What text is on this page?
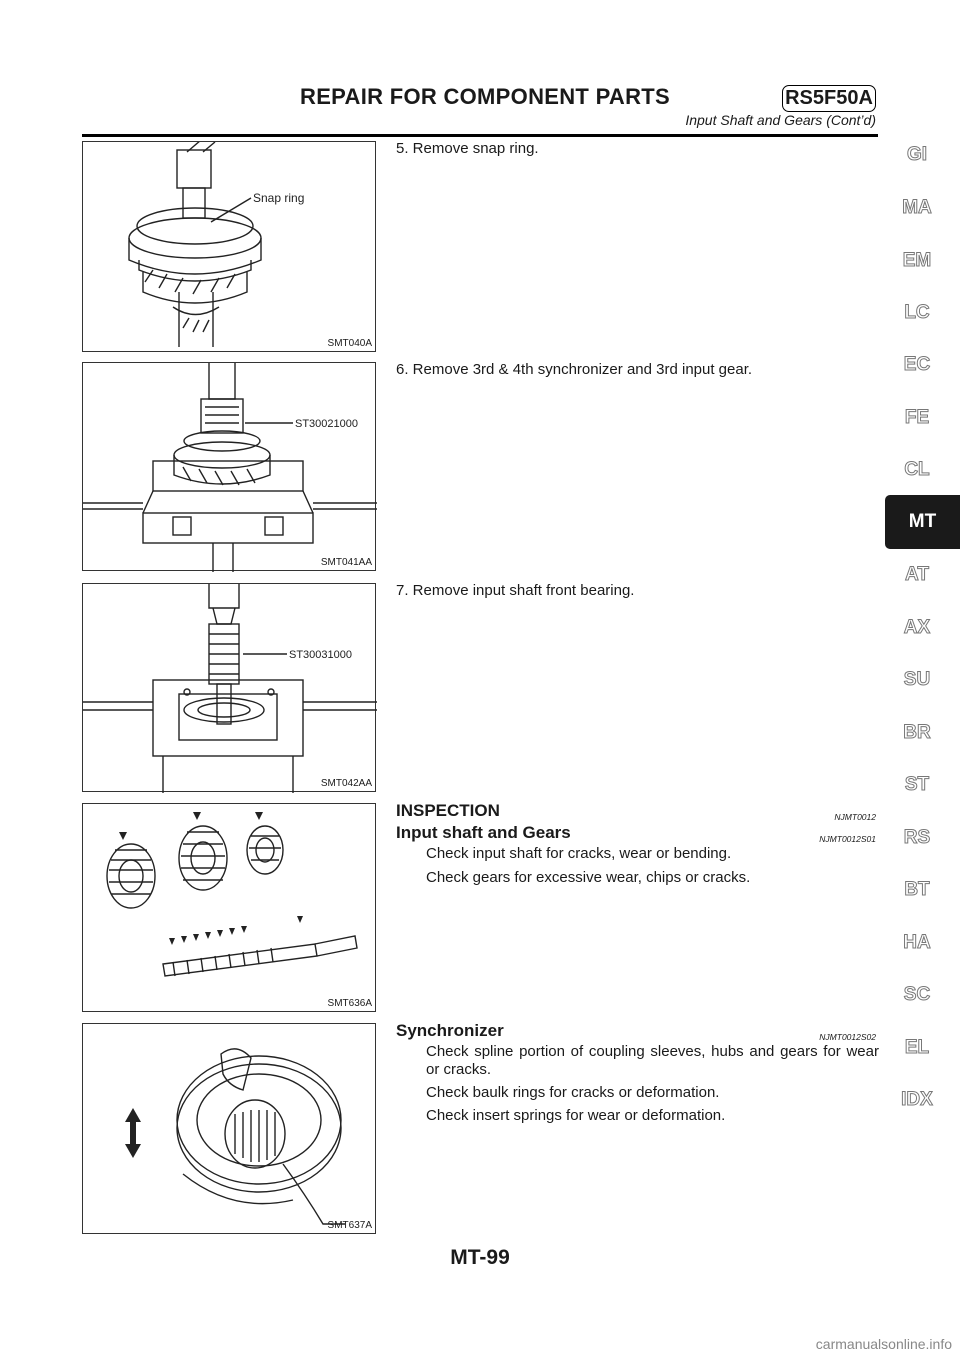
REPAIR FOR COMPONENT PARTS	RS5F50A
Input Shaft and Gears (Cont’d)
Snap ring
SMT040A
ST30021000
SMT041AA
ST30031000
SMT042AA
SMT636A
SMT637A
5. Remove snap ring.
6. Remove 3rd & 4th synchronizer and 3rd input gear.
7. Remove input shaft front bearing.
INSPECTION	NJMT0012
Input shaft and Gears	NJMT0012S01
Check input shaft for cracks, wear or bending.
Check gears for excessive wear, chips or cracks.
Synchronizer	NJMT0012S02
Check spline portion of coupling sleeves, hubs and gears for wear or cracks.
Check baulk rings for cracks or deformation.
Check insert springs for wear or deformation.
GI
MA
EM
LC
EC
FE
CL
MT
AT
AX
SU
BR
ST
RS
BT
HA
SC
EL
IDX
MT-99
carmanualsonline.info
